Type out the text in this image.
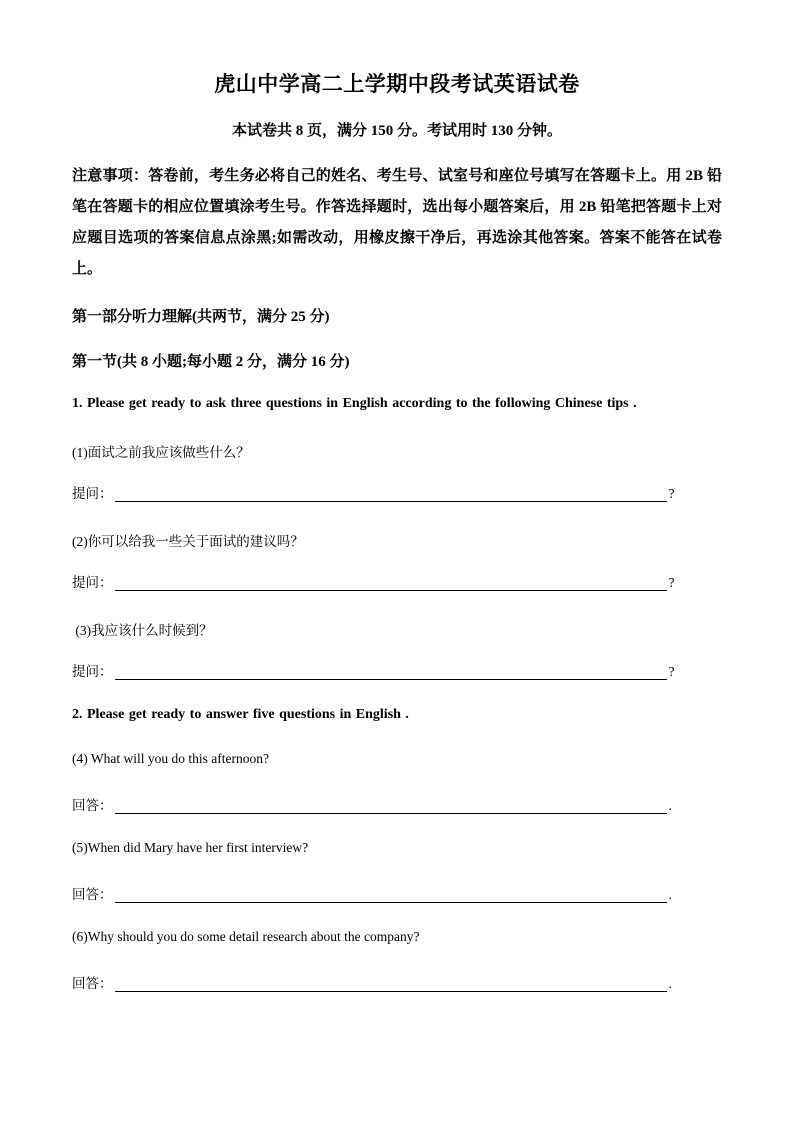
虎山中学高二上学期中段考试英语试卷
本试卷共 8 页，满分 150 分。考试用时 130 分钟。
注意事项：答卷前，考生务必将自己的姓名、考生号、试室号和座位号填写在答题卡上。用 2B 铅笔在答题卡的相应位置填涂考生号。作答选择题时，选出每小题答案后，用 2B 铅笔把答题卡上对应题目选项的答案信息点涂黑;如需改动，用橡皮擦干净后，再选涂其他答案。答案不能答在试卷上。
第一部分听力理解(共两节，满分 25 分)
第一节(共 8 小题;每小题 2 分，满分 16 分)
1. Please get ready to ask three questions in English according to the following Chinese tips .
(1)面试之前我应该做些什么？
提问：	?
(2)你可以给我一些关于面试的建议吗？
提问：	?
(3)我应该什么时候到？
提问：	?
2. Please get ready to answer five questions in English .
(4) What will you do this afternoon?
回答：	.
(5)When did Mary have her first interview?
回答：	.
(6)Why should you do some detail research about the company?
回答：	.
